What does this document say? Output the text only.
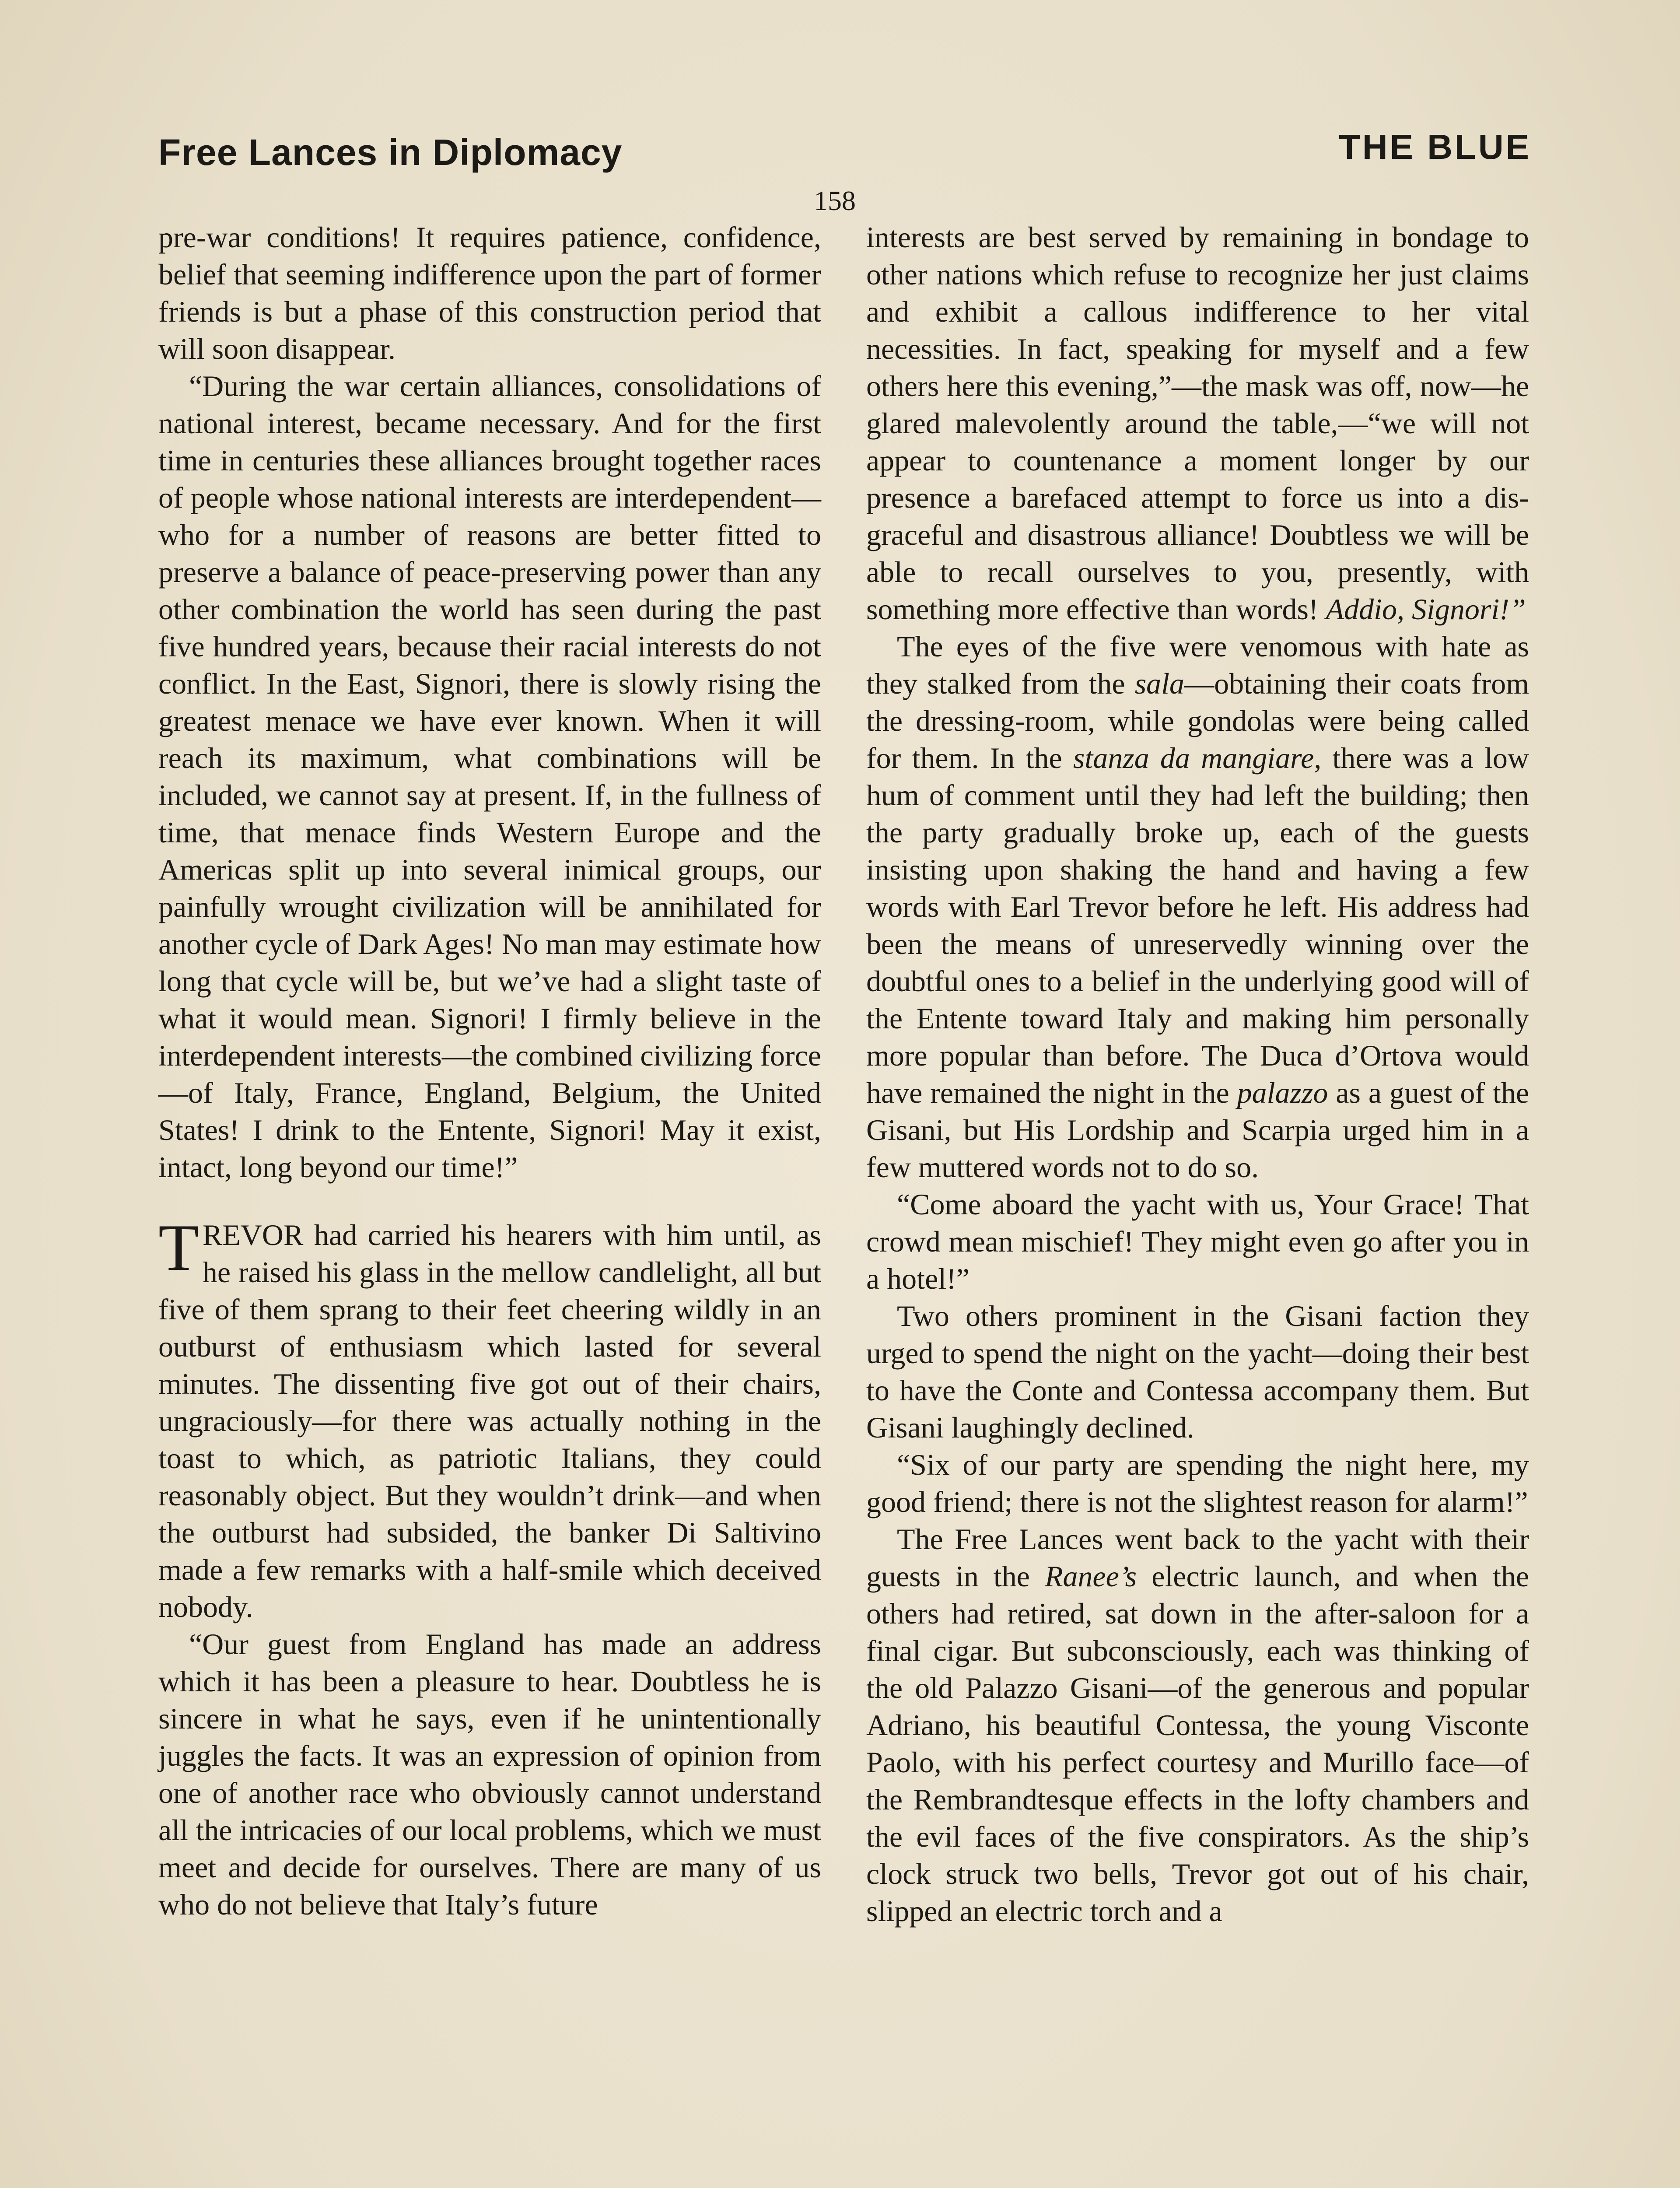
Free Lances in Diplomacy	THE BLUE
158

pre-war conditions! It requires patience, confidence, belief that seeming indifference upon the part of former friends is but a phase of this construction period that will soon disappear.

“During the war certain alliances, consolidations of national interest, became necessary. And for the first time in centuries these alliances brought together races of people whose national interests are interdependent—who for a number of reasons are better fitted to preserve a balance of peace-preserving power than any other combination the world has seen during the past five hundred years, because their racial interests do not conflict. In the East, Signori, there is slowly rising the greatest menace we have ever known. When it will reach its maximum, what combinations will be included, we cannot say at present. If, in the fullness of time, that menace finds Western Europe and the Americas split up into several inimical groups, our painfully wrought civilization will be annihilated for another cycle of Dark Ages! No man may estimate how long that cycle will be, but we’ve had a slight taste of what it would mean. Signori! I firmly believe in the interdependent interests—the combined civilizing force—of Italy, France, England, Belgium, the United States! I drink to the Entente, Signori! May it exist, intact, long beyond our time!”

TREVOR had carried his hearers with him until, as he raised his glass in the mellow candlelight, all but five of them sprang to their feet cheering wildly in an outburst of enthusiasm which lasted for several minutes. The dissenting five got out of their chairs, ungraciously—for there was actually nothing in the toast to which, as patriotic Italians, they could reasonably object. But they wouldn’t drink—and when the outburst had subsided, the banker Di Saltivino made a few remarks with a half-smile which deceived nobody.

“Our guest from England has made an address which it has been a pleasure to hear. Doubtless he is sincere in what he says, even if he unintentionally juggles the facts. It was an expression of opinion from one of another race who obviously cannot understand all the intricacies of our local problems, which we must meet and decide for ourselves. There are many of us who do not believe that Italy’s future

interests are best served by remaining in bondage to other nations which refuse to recognize her just claims and exhibit a callous indifference to her vital necessities. In fact, speaking for myself and a few others here this evening,”—the mask was off, now—he glared malevolently around the table,—“we will not appear to countenance a moment longer by our presence a barefaced attempt to force us into a disgraceful and disastrous alliance! Doubtless we will be able to recall ourselves to you, presently, with something more effective than words! Addio, Signori!”

The eyes of the five were venomous with hate as they stalked from the sala—obtaining their coats from the dressing-room, while gondolas were being called for them. In the stanza da mangiare, there was a low hum of comment until they had left the building; then the party gradually broke up, each of the guests insisting upon shaking the hand and having a few words with Earl Trevor before he left. His address had been the means of unreservedly winning over the doubtful ones to a belief in the underlying good will of the Entente toward Italy and making him personally more popular than before. The Duca d’Ortova would have remained the night in the palazzo as a guest of the Gisani, but His Lordship and Scarpia urged him in a few muttered words not to do so.

“Come aboard the yacht with us, Your Grace! That crowd mean mischief! They might even go after you in a hotel!”

Two others prominent in the Gisani faction they urged to spend the night on the yacht—doing their best to have the Conte and Contessa accompany them. But Gisani laughingly declined.

“Six of our party are spending the night here, my good friend; there is not the slightest reason for alarm!”

The Free Lances went back to the yacht with their guests in the Ranee’s electric launch, and when the others had retired, sat down in the after-saloon for a final cigar. But subconsciously, each was thinking of the old Palazzo Gisani—of the generous and popular Adriano, his beautiful Contessa, the young Visconte Paolo, with his perfect courtesy and Murillo face—of the Rembrandtesque effects in the lofty chambers and the evil faces of the five conspirators. As the ship’s clock struck two bells, Trevor got out of his chair, slipped an electric torch and a
